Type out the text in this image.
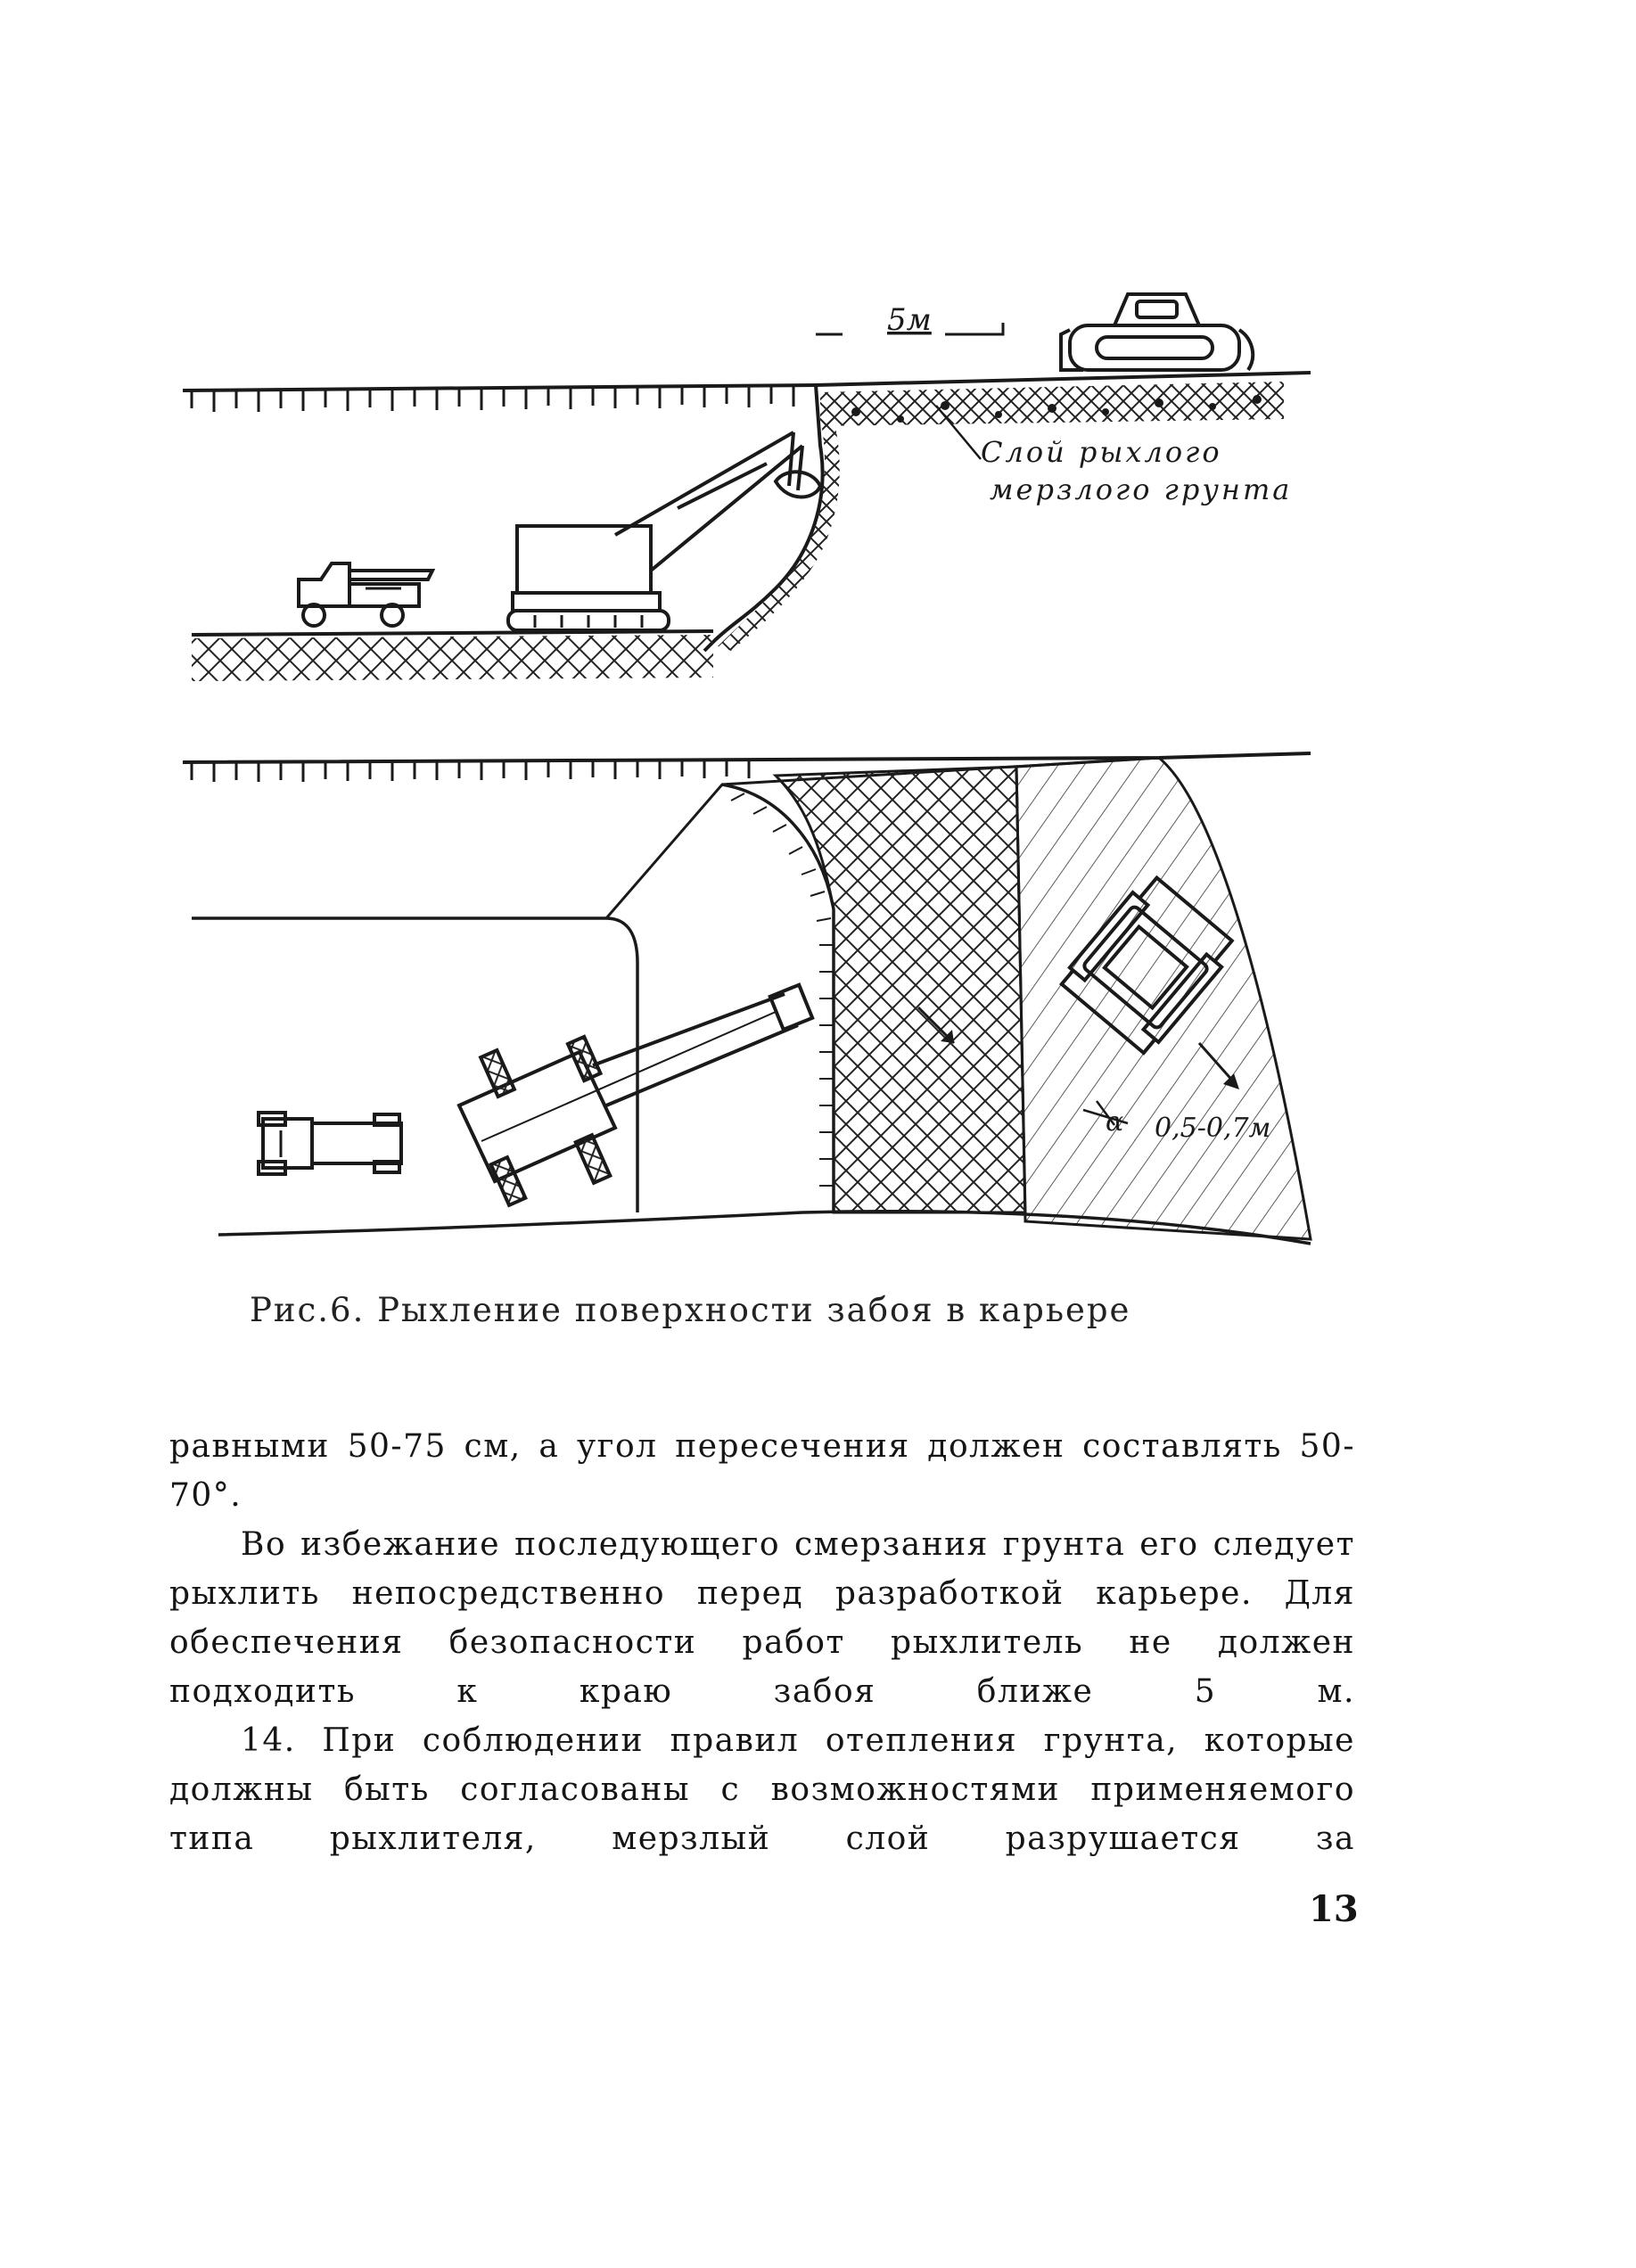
5м
Слой рыхлого
мерзлого грунта
α 0,5-0,7м
Рис.6. Рыхление поверхности забоя в карьере

равными 50-75 см, а угол пересечения должен составлять 50-70°.

Во избежание последующего смерзания грунта его следует рыхлить непосредственно перед разработкой карьере. Для обеспечения безопасности работ рыхлитель не должен подходить к краю забоя ближе 5 м.

14. При соблюдении правил отепления грунта, которые должны быть согласованы с возможностями применяемого типа рыхлителя, мерзлый слой разрушается за

13
